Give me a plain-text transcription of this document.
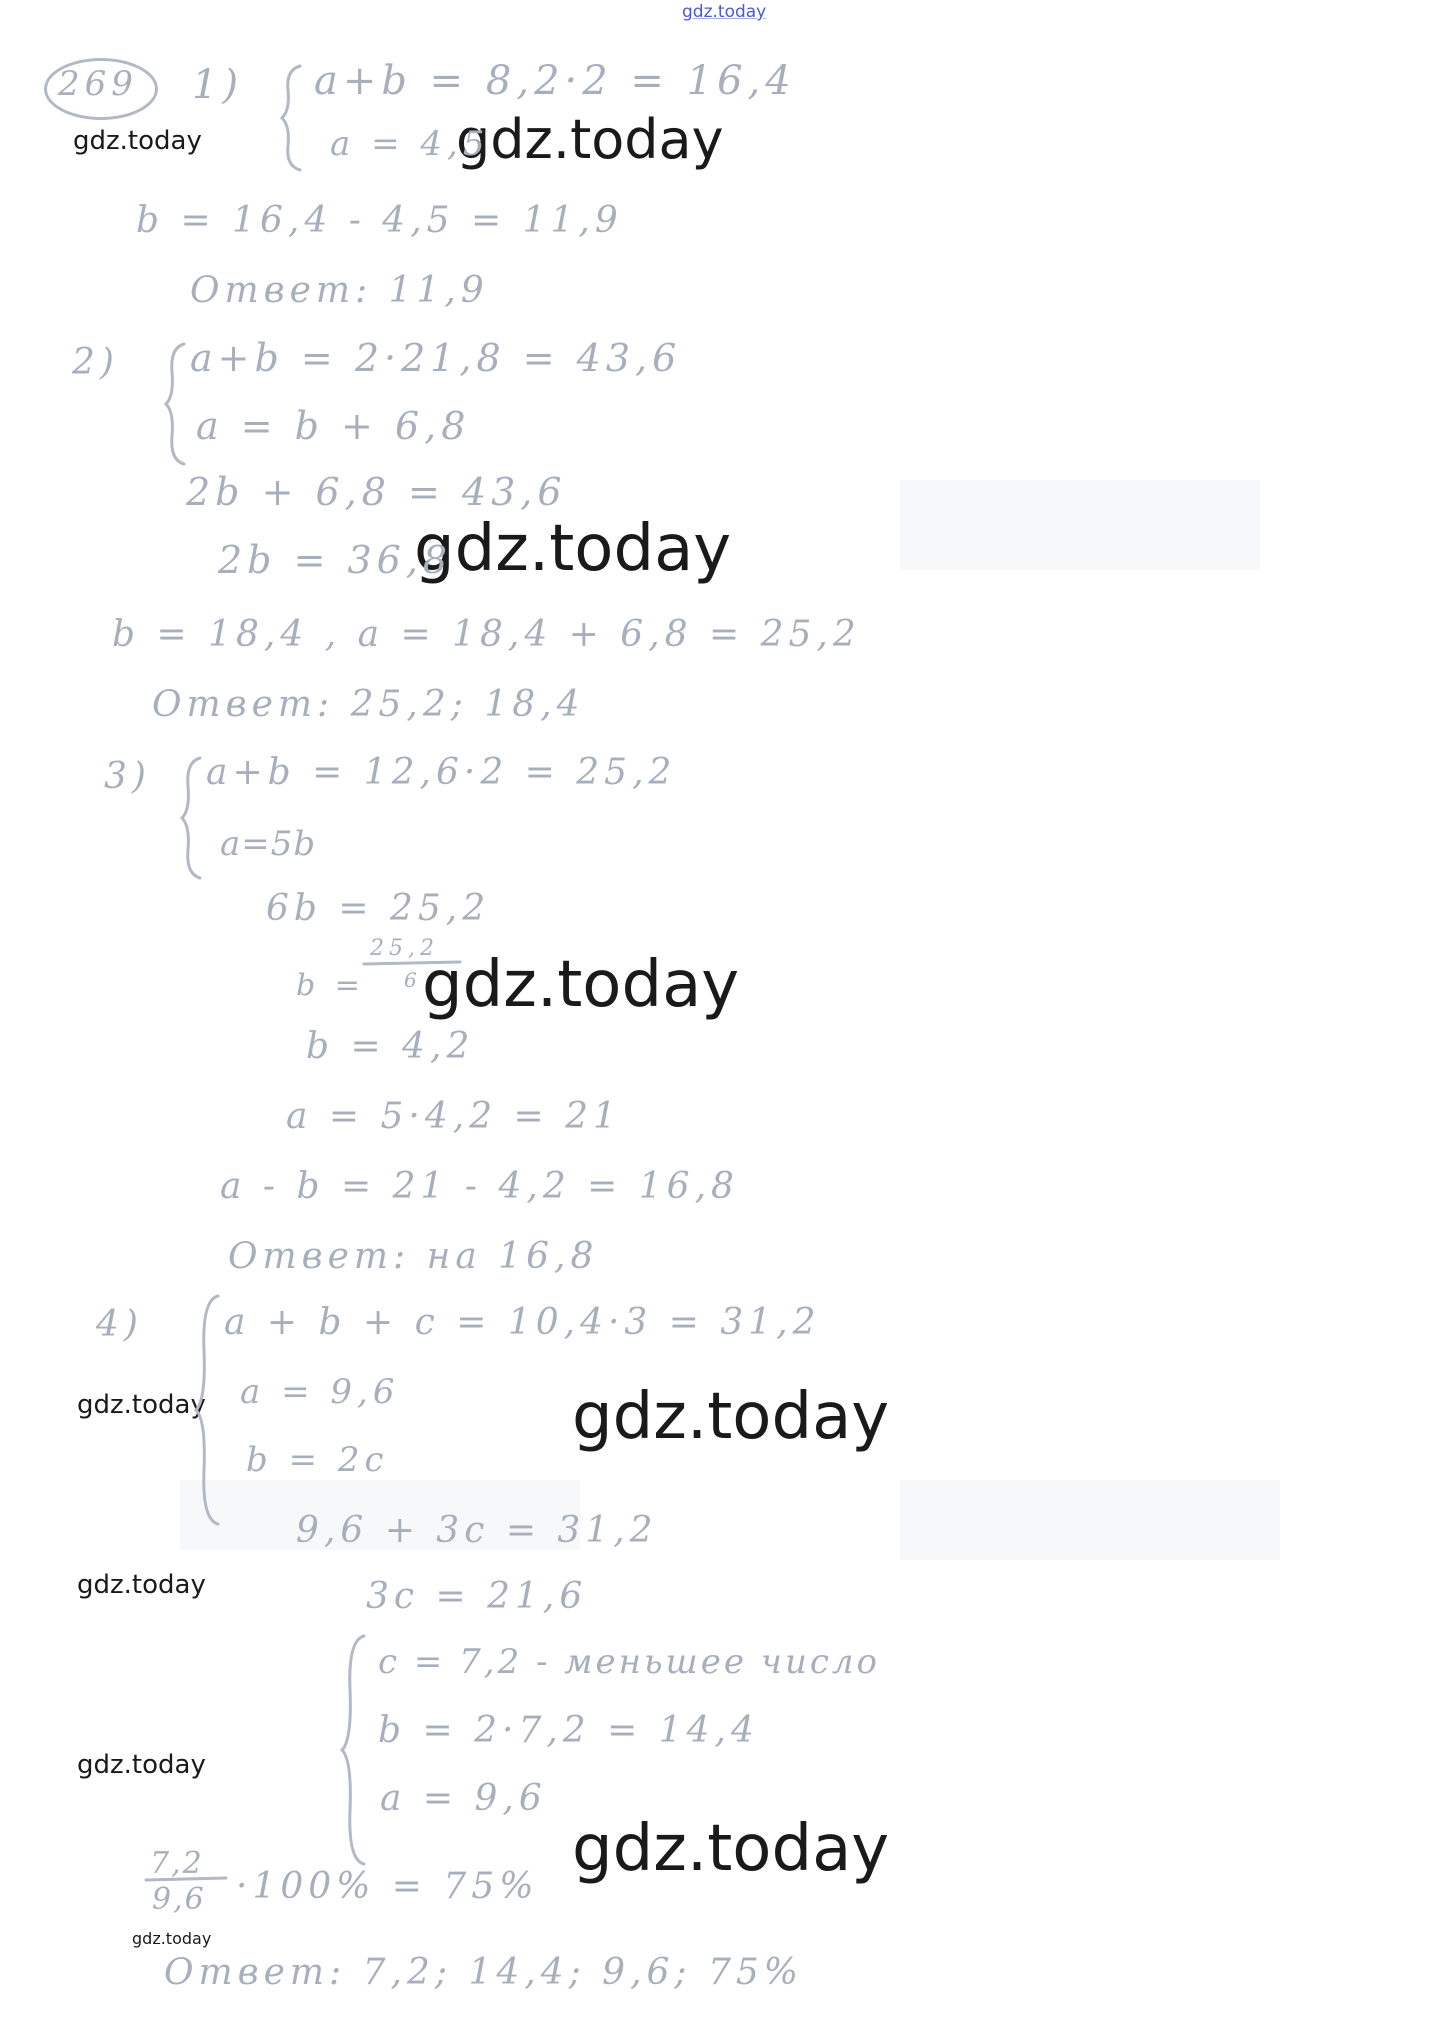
gdz.today
gdz.today	gdz.today
gdz.today
gdz.today
gdz.today	gdz.today
gdz.today
gdz.today
gdz.today
gdz.today
269 1) a+b = 8,2·2 = 16,4
a = 4,5
b = 16,4 - 4,5 = 11,9
Ответ: 11,9
2) a+b = 2·21,8 = 43,6
a = b + 6,8
2b + 6,8 = 43,6
2b = 36,8
b = 18,4 , a = 18,4 + 6,8 = 25,2
Ответ: 25,2; 18,4
3) a+b = 12,6·2 = 25,2
a=5b
6b = 25,2
b =
25,2
6
b = 4,2
a = 5·4,2 = 21
a - b = 21 - 4,2 = 16,8
Ответ: на 16,8
4) a + b + c = 10,4·3 = 31,2
a = 9,6
b = 2c
9,6 + 3c = 31,2
3c = 21,6
c = 7,2 - меньшее число
b = 2·7,2 = 14,4
a = 9,6
7,2
9,6 ·100% = 75%
Ответ: 7,2; 14,4; 9,6; 75%
